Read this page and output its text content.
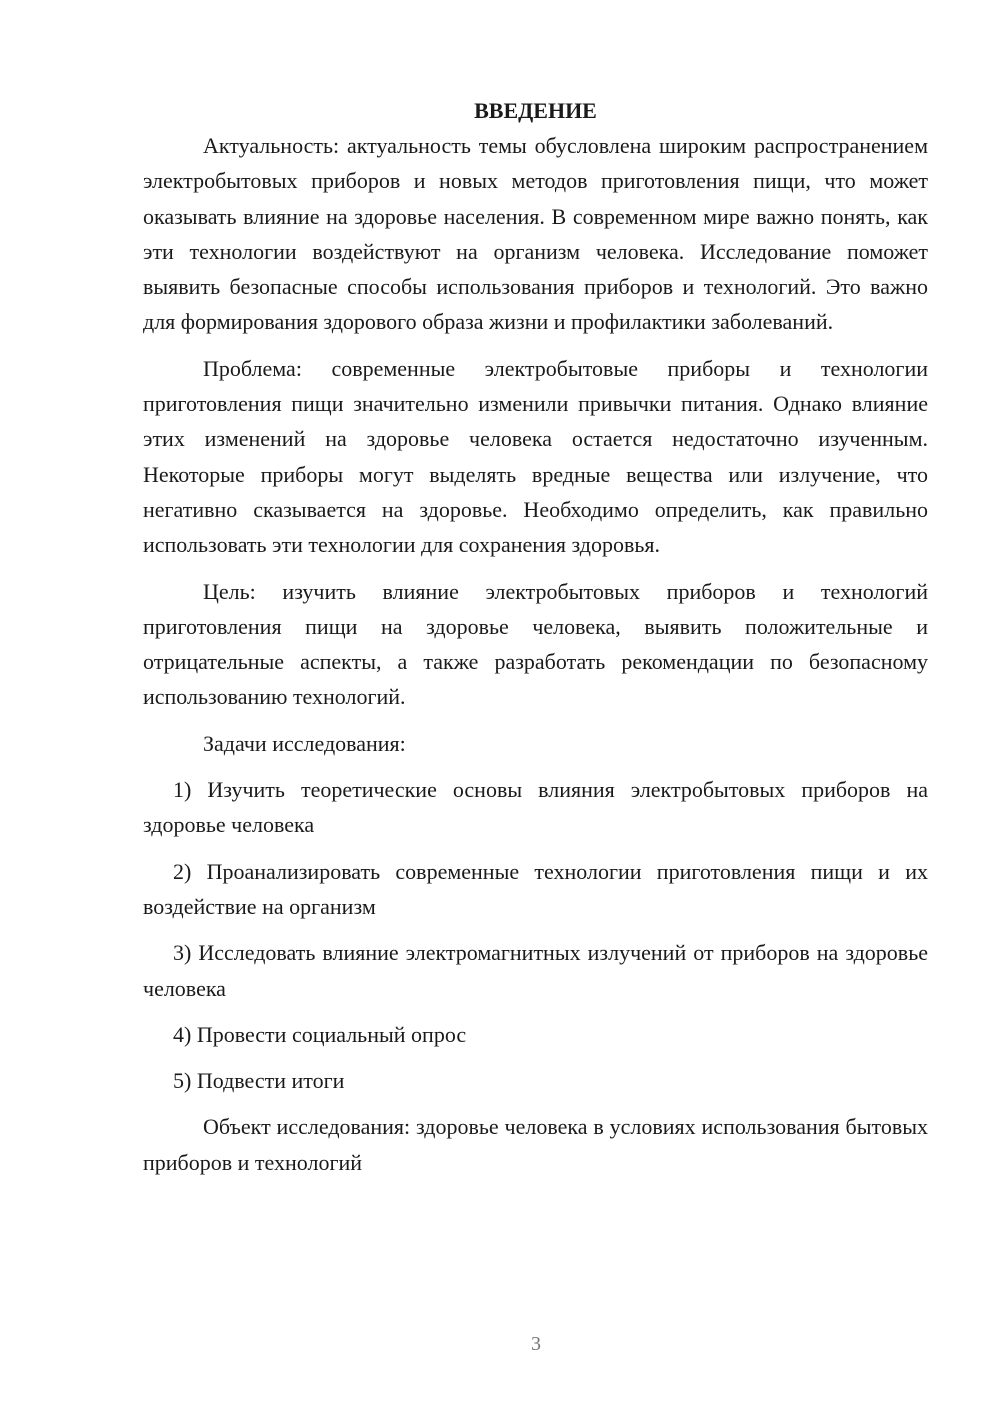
ВВЕДЕНИЕ

Актуальность: актуальность темы обусловлена широким распространением электробытовых приборов и новых методов приготовления пищи, что может оказывать влияние на здоровье населения. В современном мире важно понять, как эти технологии воздействуют на организм человека. Исследование поможет выявить безопасные способы использования приборов и технологий. Это важно для формирования здорового образа жизни и профилактики заболеваний.

Проблема: современные электробытовые приборы и технологии приготовления пищи значительно изменили привычки питания. Однако влияние этих изменений на здоровье человека остается недостаточно изученным. Некоторые приборы могут выделять вредные вещества или излучение, что негативно сказывается на здоровье. Необходимо определить, как правильно использовать эти технологии для сохранения здоровья.

Цель: изучить влияние электробытовых приборов и технологий приготовления пищи на здоровье человека, выявить положительные и отрицательные аспекты, а также разработать рекомендации по безопасному использованию технологий.

Задачи исследования:

1) Изучить теоретические основы влияния электробытовых приборов на здоровье человека

2) Проанализировать современные технологии приготовления пищи и их воздействие на организм

3) Исследовать влияние электромагнитных излучений от приборов на здоровье человека

4) Провести социальный опрос

5) Подвести итоги

Объект исследования: здоровье человека в условиях использования бытовых приборов и технологий

3
